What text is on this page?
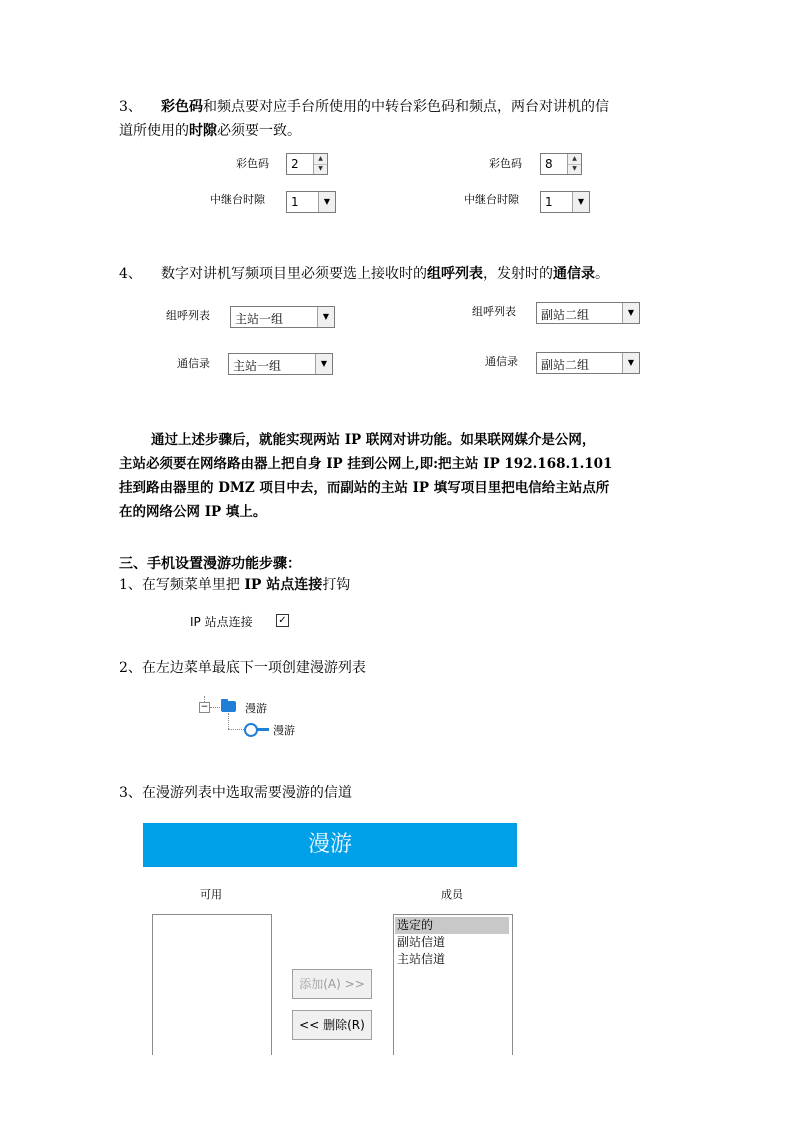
3、 彩色码和频点要对应手台所使用的中转台彩色码和频点，两台对讲机的信
道所使用的时隙必须要一致。
彩色码 2	▲
▼
中继台时隙 1	▼
彩色码 8	▲
▼
中继台时隙 1	▼
4、 数字对讲机写频项目里必须要选上接收时的组呼列表，发射时的通信录。
组呼列表 主站一组	▼
通信录 主站一组	▼
组呼列表 副站二组	▼
通信录 副站二组	▼
通过上述步骤后，就能实现两站 IP 联网对讲功能。如果联网媒介是公网，
主站必须要在网络路由器上把自身 IP 挂到公网上,即:把主站 IP 192.168.1.101
挂到路由器里的 DMZ 项目中去，而副站的主站 IP 填写项目里把电信给主站点所
在的网络公网 IP 填上。
三、手机设置漫游功能步骤：
1、在写频菜单里把 IP 站点连接打钩
IP 站点连接	✓
2、在左边菜单最底下一项创建漫游列表
−	漫游
漫游
3、在漫游列表中选取需要漫游的信道
漫游
可用	成员
添加(A) >>
<< 删除(R)
选定的
副站信道
主站信道
